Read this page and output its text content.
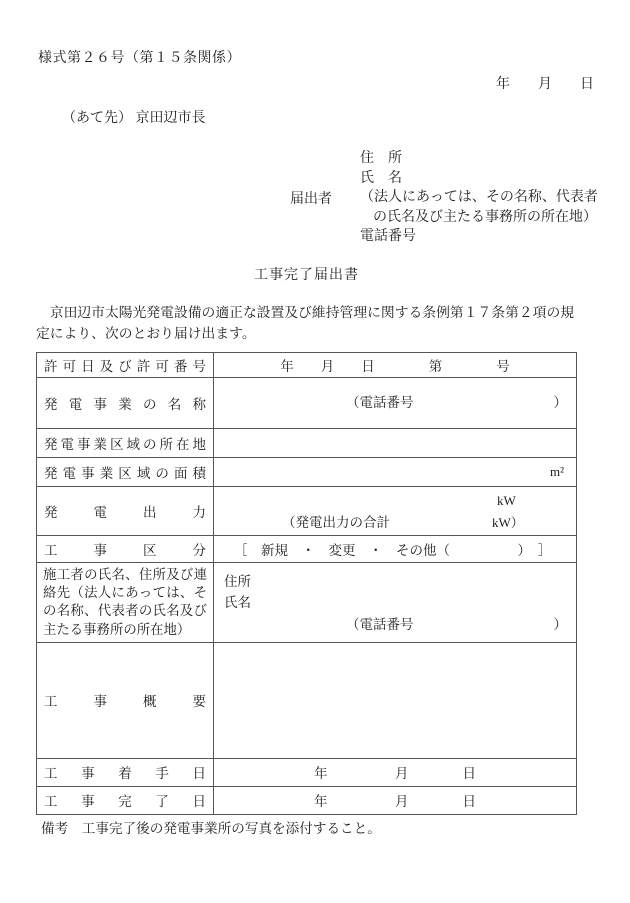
様式第２６号（第１５条関係）
年　　月　　日
（あて先） 京田辺市長
届出者
住　所
氏　名
（法人にあっては、その名称、代表者
の氏名及び主たる事務所の所在地）
電話番号
工事完了届出書
　京田辺市太陽光発電設備の適正な設置及び維持管理に関する条例第１７条第２項の規定により、次のとおり届け出ます。
許 可 日 及 び 許 可 番 号	年　　月　　日　　　　第　　　　号

発 電 事 業 の 名 称	（電話番号	）

発 電 事 業 区 域 の 所 在 地

発 電 事 業 区 域 の 面 積	m²

発	電	出	力

kW
（発電出力の合計	kW）

工 事 区 分	［　新規　・　変更　・　その他（　　　　　）　］

施工者の氏名、住所及び連絡先（法人にあっては、その名称、代表者の氏名及び主たる事務所の所在地）	住所
氏名
（電話番号 ）

工 事 概 要	

工 事 着 手 日	年　　　　　月　　　　日

工 事 完 了 日	年　　　　　月　　　　日
備考　工事完了後の発電事業所の写真を添付すること。
